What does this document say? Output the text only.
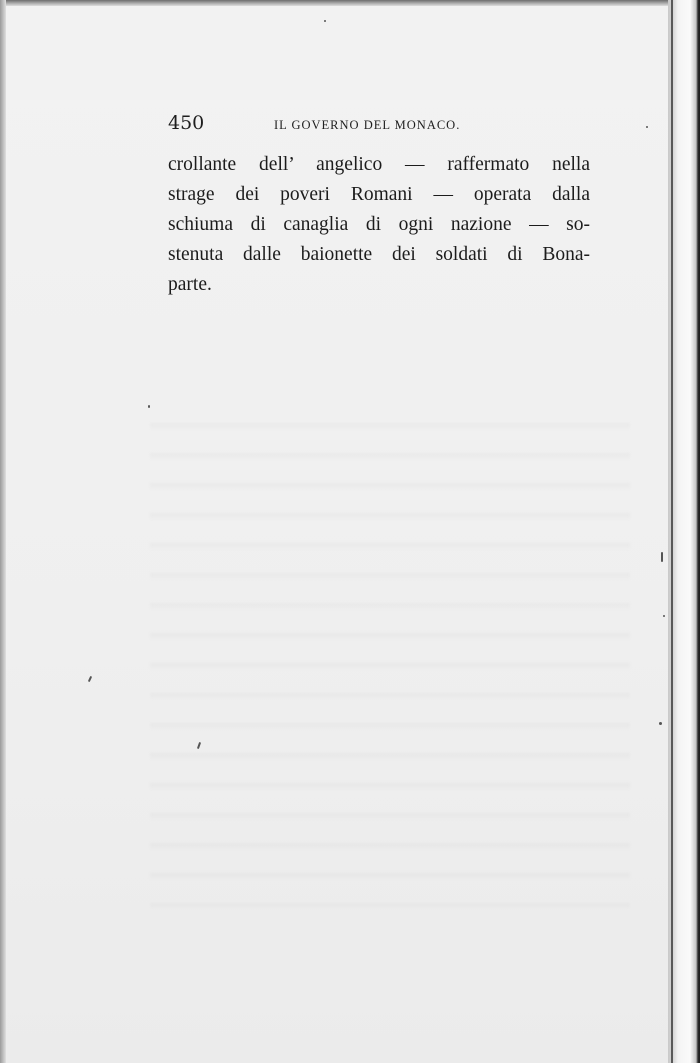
450	IL GOVERNO DEL MONACO.
crollante dell’ angelico — raffermato nella
strage dei poveri Romani — operata dalla
schiuma di canaglia di ogni nazione — so-
stenuta dalle baionette dei soldati di Bona-
parte.
